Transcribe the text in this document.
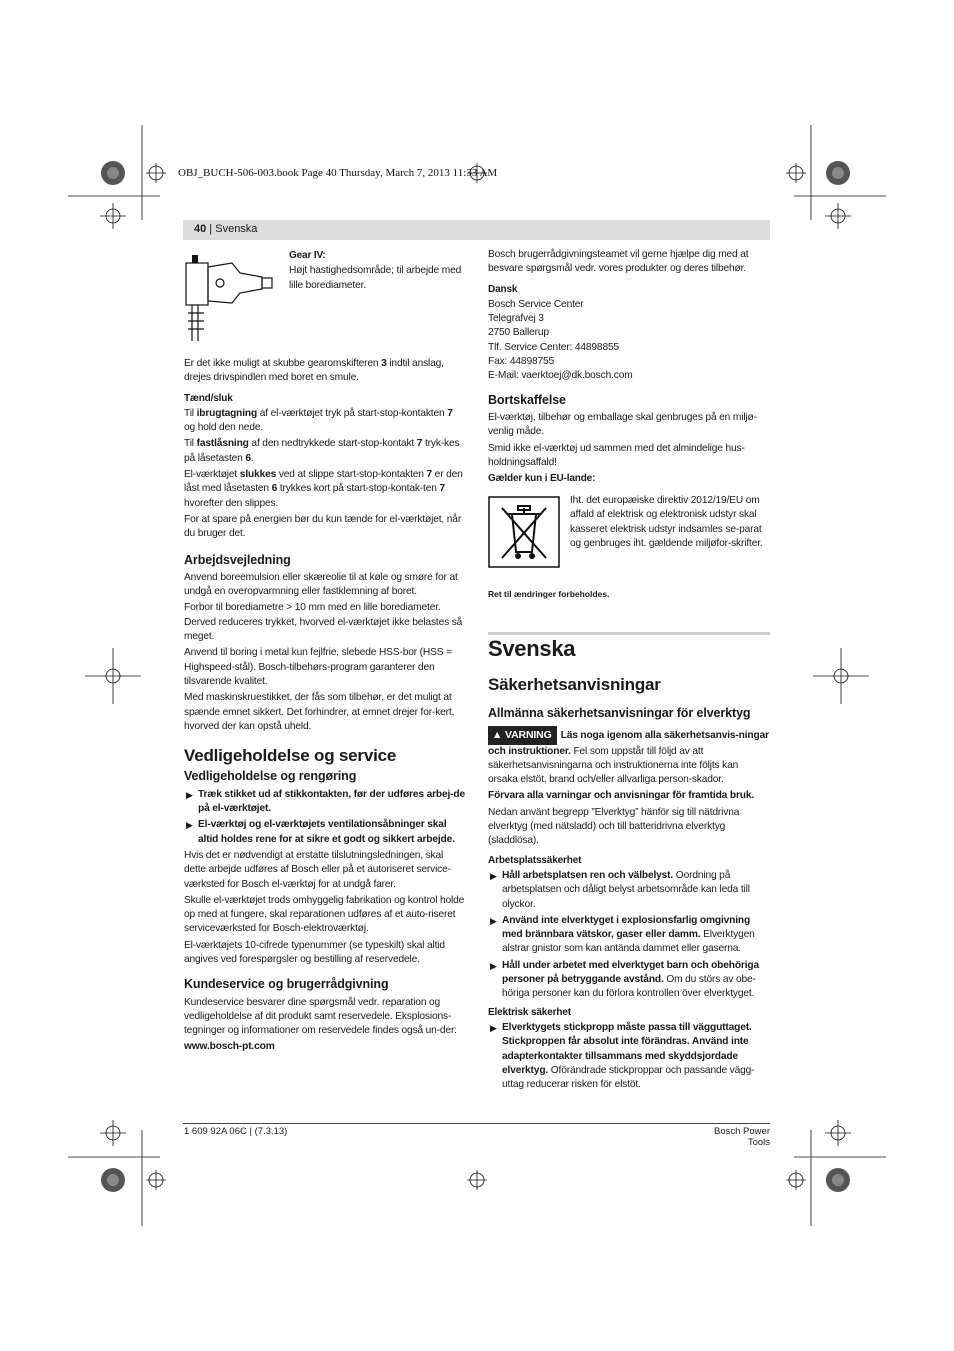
OBJ_BUCH-506-003.book Page 40 Thursday, March 7, 2013 11:33 AM
40 | Svenska
Gear IV:
Højt hastighedsområde; til arbejde med lille borediameter.

Er det ikke muligt at skubbe gearomskifteren 3 indtil anslag, drejes drivspindlen med boret en smule.

Tænd/sluk

Til ibrugtagning af el-værktøjet tryk på start-stop-kontakten 7 og hold den nede.

Til fastlåsning af den nedtrykkede start-stop-kontakt 7 tryk-kes på låsetasten 6.

El-værktøjet slukkes ved at slippe start-stop-kontakten 7 er den låst med låsetasten 6 trykkes kort på start-stop-kontak-ten 7 hvorefter den slippes.

For at spare på energien bør du kun tænde for el-værktøjet, når du bruger det.

Arbejdsvejledning

Anvend boreemulsion eller skæreolie til at køle og smøre for at undgå en overopvarmning eller fastklemning af boret.

Forbor til borediametre > 10 mm med en lille borediameter. Derved reduceres trykket, hvorved el-værktøjet ikke belastes så meget.

Anvend til boring i metal kun fejlfrie, slebede HSS-bor (HSS = Highspeed-stål). Bosch-tilbehørs-program garanterer den tilsvarende kvalitet.

Med maskinskruestikket, der fås som tilbehør, er det muligt at spænde emnet sikkert. Det forhindrer, at emnet drejer for-kert, hvorved der kan opstå uheld.

Vedligeholdelse og service
Vedligeholdelse og rengøring
▶ Træk stikket ud af stikkontakten, før der udføres arbej-de på el-værktøjet.
▶ El-værktøj og el-værktøjets ventilationsåbninger skal altid holdes rene for at sikre et godt og sikkert arbejde.

Hvis det er nødvendigt at erstatte tilslutningsledningen, skal dette arbejde udføres af Bosch eller på et autoriseret service-værksted for Bosch el-værktøj for at undgå farer.

Skulle el-værktøjet trods omhyggelig fabrikation og kontrol holde op med at fungere, skal reparationen udføres af et auto-riseret serviceværksted for Bosch-elektroværktøj.

El-værktøjets 10-cifrede typenummer (se typeskilt) skal altid angives ved forespørgsler og bestilling af reservedele.

Kundeservice og brugerrådgivning

Kundeservice besvarer dine spørgsmål vedr. reparation og vedligeholdelse af dit produkt samt reservedele. Eksplosions-tegninger og informationer om reservedele findes også un-der:

www.bosch-pt.com

Bosch brugerrådgivningsteamet vil gerne hjælpe dig med at besvare spørgsmål vedr. vores produkter og deres tilbehør.

Dansk
Bosch Service Center
Telegrafvej 3
2750 Ballerup
Tlf. Service Center: 44898855
Fax: 44898755
E-Mail: vaerktoej@dk.bosch.com
Bortskaffelse

El-værktøj, tilbehør og emballage skal genbruges på en miljø-venlig måde.

Smid ikke el-værktøj ud sammen med det almindelige hus-holdningsaffald!

Gælder kun i EU-lande:
Iht. det europæiske direktiv 2012/19/EU om affald af elektrisk og elektronisk udstyr skal kasseret elektrisk udstyr indsamles se-parat og genbruges iht. gældende miljøfor-skrifter.
Ret til ændringer forbeholdes.
Svenska
Säkerhetsanvisningar
Allmänna säkerhetsanvisningar för elverktyg

▲ VARNING Läs noga igenom alla säkerhetsanvis-ningar och instruktioner. Fel som uppstår till följd av att säkerhetsanvisningarna och instruktionerna inte följts kan orsaka elstöt, brand och/eller allvarliga person-skador.

Förvara alla varningar och anvisningar för framtida bruk.

Nedan använt begrepp ”Elverktyg” hänför sig till nätdrivna elverktyg (med nätsladd) och till batteridrivna elverktyg (sladdlösa).

Arbetsplatssäkerhet
▶ Håll arbetsplatsen ren och välbelyst. Oordning på arbetsplatsen och dåligt belyst arbetsområde kan leda till olyckor.
▶ Använd inte elverktyget i explosionsfarlig omgivning med brännbara vätskor, gaser eller damm. Elverktygen alstrar gnistor som kan antända dammet eller gaserna.
▶ Håll under arbetet med elverktyget barn och obehöriga personer på betryggande avstånd. Om du störs av obe-höriga personer kan du förlora kontrollen över elverktyget.
Elektrisk säkerhet
▶ Elverktygets stickpropp måste passa till vägguttaget. Stickproppen får absolut inte förändras. Använd inte adapterkontakter tillsammans med skyddsjordade elverktyg. Oförändrade stickproppar och passande vägg-uttag reducerar risken för elstöt.
1 609 92A 06C | (7.3.13)	Bosch Power Tools
